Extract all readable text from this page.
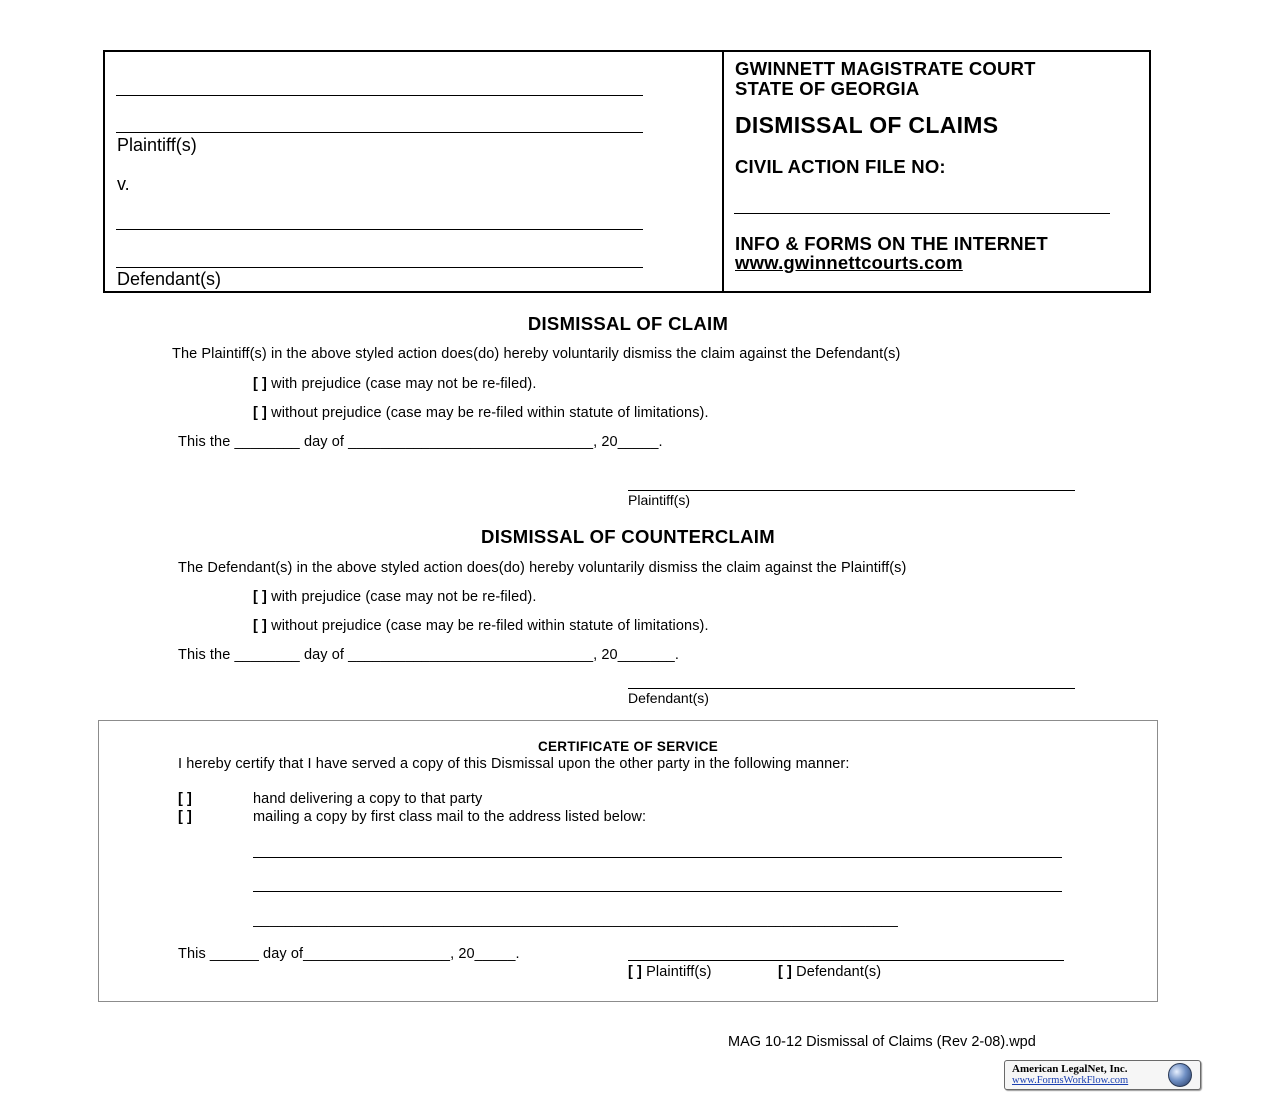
Plaintiff(s)
v.
Defendant(s)
GWINNETT MAGISTRATE COURT
STATE OF GEORGIA
DISMISSAL OF CLAIMS
CIVIL ACTION FILE NO:
INFO & FORMS ON THE INTERNET
www.gwinnettcourts.com
DISMISSAL OF CLAIM
The Plaintiff(s) in the above styled action does(do) hereby voluntarily dismiss the claim against the Defendant(s)
[ ] with prejudice (case may not be re-filed).
[ ] without prejudice (case may be re-filed within statute of limitations).
This the ________ day of ______________________________, 20_____.
Plaintiff(s)
DISMISSAL OF COUNTERCLAIM
The Defendant(s) in the above styled action does(do) hereby voluntarily dismiss the claim against the Plaintiff(s)
[ ] with prejudice (case may not be re-filed).
[ ] without prejudice (case may be re-filed within statute of limitations).
This the ________ day of ______________________________, 20_______.
Defendant(s)
CERTIFICATE OF SERVICE
I hereby certify that I have served a copy of this Dismissal upon the other party in the following manner:
[ ]	hand delivering a copy to that party
[ ]	mailing a copy by first class mail to the address listed below:
_______________________________________________________________________________
This ______ day of__________________, 20_____.
[ ] Plaintiff(s)	[ ] Defendant(s)
MAG 10-12 Dismissal of Claims (Rev 2-08).wpd
American LegalNet, Inc.
www.FormsWorkFlow.com
